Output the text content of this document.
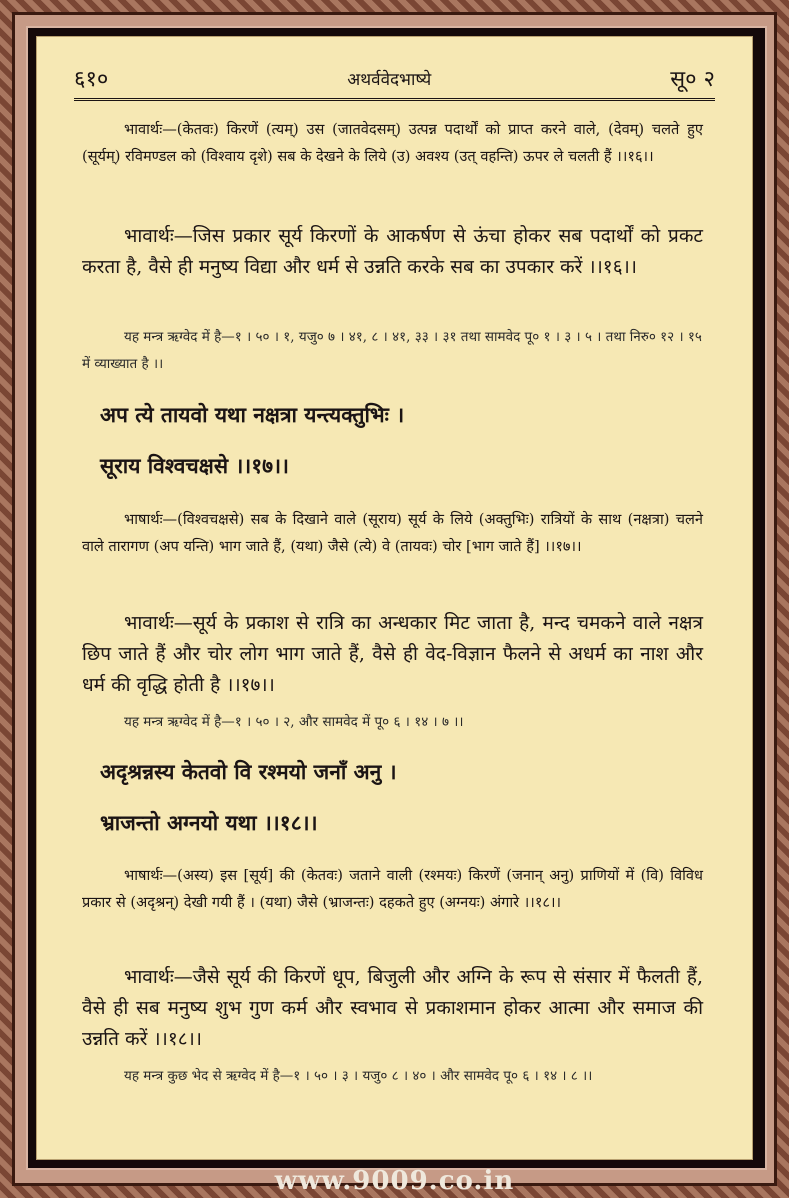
६१०	अथर्ववेदभाष्ये	सू० २
भावार्थः—(केतवः) किरणें (त्यम्) उस (जातवेदसम्) उत्पन्न पदार्थों को प्राप्त करने वाले, (देवम्) चलते हुए (सूर्यम्) रविमण्डल को (विश्वाय दृशे) सब के देखने के लिये (उ) अवश्य (उत् वहन्ति) ऊपर ले चलती हैं ।।१६।।
भावार्थः—जिस प्रकार सूर्य किरणों के आकर्षण से ऊंचा होकर सब पदार्थों को प्रकट करता है, वैसे ही मनुष्य विद्या और धर्म से उन्नति करके सब का उपकार करें ।।१६।।
यह मन्त्र ऋग्वेद में है—१ । ५० । १, यजु० ७ । ४१, ८ । ४१, ३३ । ३१ तथा सामवेद पू० १ । ३ । ५ । तथा निरु० १२ । १५ में व्याख्यात है ।।
अप त्ये तायवो यथा नक्षत्रा यन्त्यक्तुभिः ।
सूराय विश्वचक्षसे ।।१७।।
भाषार्थः—(विश्वचक्षसे) सब के दिखाने वाले (सूराय) सूर्य के लिये (अक्तुभिः) रात्रियों के साथ (नक्षत्रा) चलने वाले तारागण (अप यन्ति) भाग जाते हैं, (यथा) जैसे (त्ये) वे (तायवः) चोर [भाग जाते हैं] ।।१७।।
भावार्थः—सूर्य के प्रकाश से रात्रि का अन्धकार मिट जाता है, मन्द चमकने वाले नक्षत्र छिप जाते हैं और चोर लोग भाग जाते हैं, वैसे ही वेद-विज्ञान फैलने से अधर्म का नाश और धर्म की वृद्धि होती है ।।१७।।
यह मन्त्र ऋग्वेद में है—१ । ५० । २, और सामवेद में पू० ६ । १४ । ७ ।।
अदृश्रन्नस्य केतवो वि रश्मयो जनाँ अनु ।
भ्राजन्तो अग्नयो यथा ।।१८।।
भाषार्थः—(अस्य) इस [सूर्य] की (केतवः) जताने वाली (रश्मयः) किरणें (जनान् अनु) प्राणियों में (वि) विविध प्रकार से (अदृश्रन्) देखी गयी हैं । (यथा) जैसे (भ्राजन्तः) दहकते हुए (अग्नयः) अंगारे ।।१८।।
भावार्थः—जैसे सूर्य की किरणें धूप, बिजुली और अग्नि के रूप से संसार में फैलती हैं, वैसे ही सब मनुष्य शुभ गुण कर्म और स्वभाव से प्रकाशमान होकर आत्मा और समाज की उन्नति करें ।।१८।।
यह मन्त्र कुछ भेद से ऋग्वेद में है—१ । ५० । ३ । यजु० ८ । ४० । और सामवेद पू० ६ । १४ । ८ ।।
www.9009.co.in
